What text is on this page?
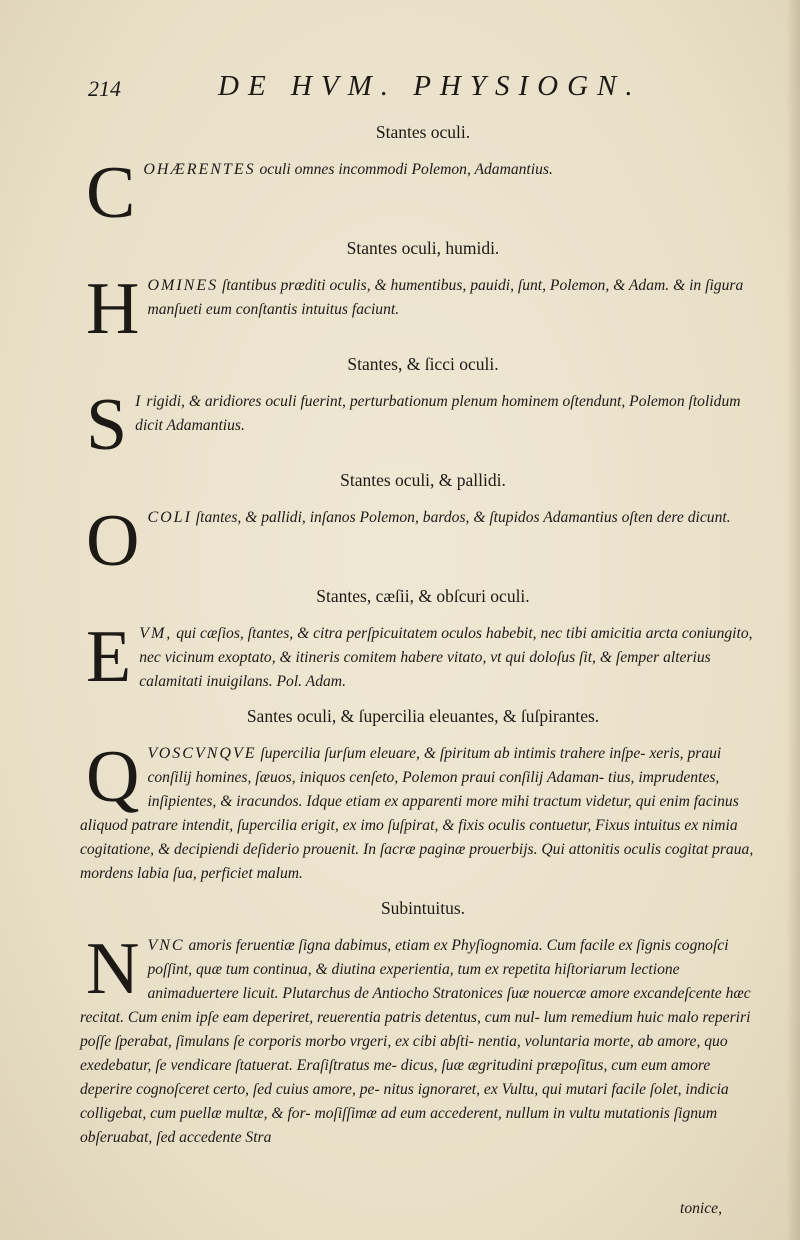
214	DE HVM. PHYSIOGN.
Stantes oculi.
C OHÆRENTES oculi omnes incommodi Polemon, Adamantius.
Stantes oculi, humidi.
H OMINES ſtantibus præditi oculis, & humentibus, pauidi, ſunt, Polemon, & Adam. & in ſigura manſueti eum conſtantis intuitus faciunt.
Stantes, & ſicci oculi.
S I rigidi, & aridiores oculi fuerint, perturbationum plenum hominem oſtendunt, Polemon ſtolidum dicit Adamantius.
Stantes oculi, & pallidi.
O COLI ſtantes, & pallidi, inſanos Polemon, bardos, & ſtupidos Adamantius oſten dere dicunt.
Stantes, cæſii, & obſcuri oculi.
E VM, qui cæſios, ſtantes, & citra perſpicuitatem oculos habebit, nec tibi amicitia arcta coniungito, nec vicinum exoptato, & itineris comitem habere vitato, vt qui doloſus ſit, & ſemper alterius calamitati inuigilans. Pol. Adam.
Santes oculi, & ſupercilia eleuantes, & ſuſpirantes.
Q VOSCVNQVE ſupercilia ſurſum eleuare, & ſpiritum ab intimis trahere inſpe- xeris, praui conſilij homines, ſæuos, iniquos cenſeto, Polemon praui conſilij Adaman- tius, imprudentes, inſipientes, & iracundos. Idque etiam ex apparenti more mihi tractum videtur, qui enim facinus aliquod patrare intendit, ſupercilia erigit, ex imo ſuſpirat, & fixis oculis contuetur, Fixus intuitus ex nimia cogitatione, & decipiendi deſiderio prouenit. In ſacræ paginæ prouerbijs. Qui attonitis oculis cogitat praua, mordens labia ſua, perficiet malum.
Subintuitus.
N VNC amoris feruentiæ ſigna dabimus, etiam ex Phyſiognomia. Cum facile ex ſignis cognoſci poſſint, quæ tum continua, & diutina experientia, tum ex repetita hiſtoriarum lectione animaduertere licuit. Plutarchus de Antiocho Stratonices ſuæ nouercæ amore excandeſcente hæc recitat. Cum enim ipſe eam deperiret, reuerentia patris detentus, cum nul- lum remedium huic malo reperiri poſſe ſperabat, ſimulans ſe corporis morbo vrgeri, ex cibi abſti- nentia, voluntaria morte, ab amore, quo exedebatur, ſe vendicare ſtatuerat. Eraſiſtratus me- dicus, ſuæ ægritudini præpoſitus, cum eum amore deperire cognoſceret certo, ſed cuius amore, pe- nitus ignoraret, ex Vultu, qui mutari facile ſolet, indicia colligebat, cum puellæ multæ, & for- moſiſſimæ ad eum accederent, nullum in vultu mutationis ſignum obſeruabat, ſed accedente Stra
tonice,
